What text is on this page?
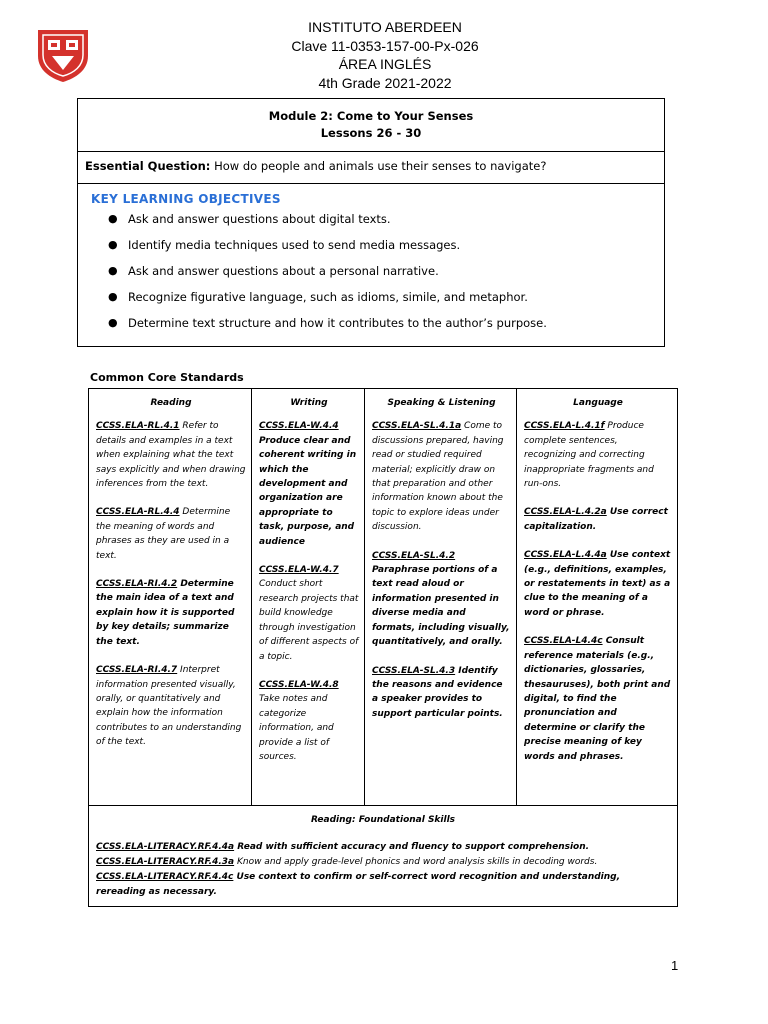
INSTITUTO ABERDEEN
Clave 11-0353-157-00-Px-026
ÁREA INGLÉS
4th Grade 2021-2022
Module 2: Come to Your Senses
Lessons 26 - 30
Essential Question: How do people and animals use their senses to navigate?
KEY LEARNING OBJECTIVES
● Ask and answer questions about digital texts.
● Identify media techniques used to send media messages.
● Ask and answer questions about a personal narrative.
● Recognize figurative language, such as idioms, simile, and metaphor.
● Determine text structure and how it contributes to the author’s purpose.
Common Core Standards
Reading
CCSS.ELA-RL.4.1 Refer to details and examples in a text when explaining what the text says explicitly and when drawing inferences from the text.
CCSS.ELA-RL.4.4 Determine the meaning of words and phrases as they are used in a text.
CCSS.ELA-RI.4.2 Determine the main idea of a text and explain how it is supported by key details; summarize the text.
CCSS.ELA-RI.4.7 Interpret information presented visually, orally, or quantitatively and explain how the information contributes to an understanding of the text.
Writing
CCSS.ELA-W.4.4 Produce clear and coherent writing in which the development and organization are appropriate to task, purpose, and audience
CCSS.ELA-W.4.7 Conduct short research projects that build knowledge through investigation of different aspects of a topic.
CCSS.ELA-W.4.8 Take notes and categorize information, and provide a list of sources.
Speaking & Listening
CCSS.ELA-SL.4.1a Come to discussions prepared, having read or studied required material; explicitly draw on that preparation and other information known about the topic to explore ideas under discussion.
CCSS.ELA-SL.4.2 Paraphrase portions of a text read aloud or information presented in diverse media and formats, including visually, quantitatively, and orally.
CCSS.ELA-SL.4.3 Identify the reasons and evidence a speaker provides to support particular points.
Language
CCSS.ELA-L.4.1f Produce complete sentences, recognizing and correcting inappropriate fragments and run-ons.
CCSS.ELA-L.4.2a Use correct capitalization.
CCSS.ELA-L.4.4a Use context (e.g., definitions, examples, or restatements in text) as a clue to the meaning of a word or phrase.
CCSS.ELA-L4.4c Consult reference materials (e.g., dictionaries, glossaries, thesauruses), both print and digital, to find the pronunciation and determine or clarify the precise meaning of key words and phrases.
Reading: Foundational Skills
CCSS.ELA-LITERACY.RF.4.4a Read with sufficient accuracy and fluency to support comprehension.
CCSS.ELA-LITERACY.RF.4.3a Know and apply grade-level phonics and word analysis skills in decoding words.
CCSS.ELA-LITERACY.RF.4.4c Use context to confirm or self-correct word recognition and understanding,
rereading as necessary.
1
